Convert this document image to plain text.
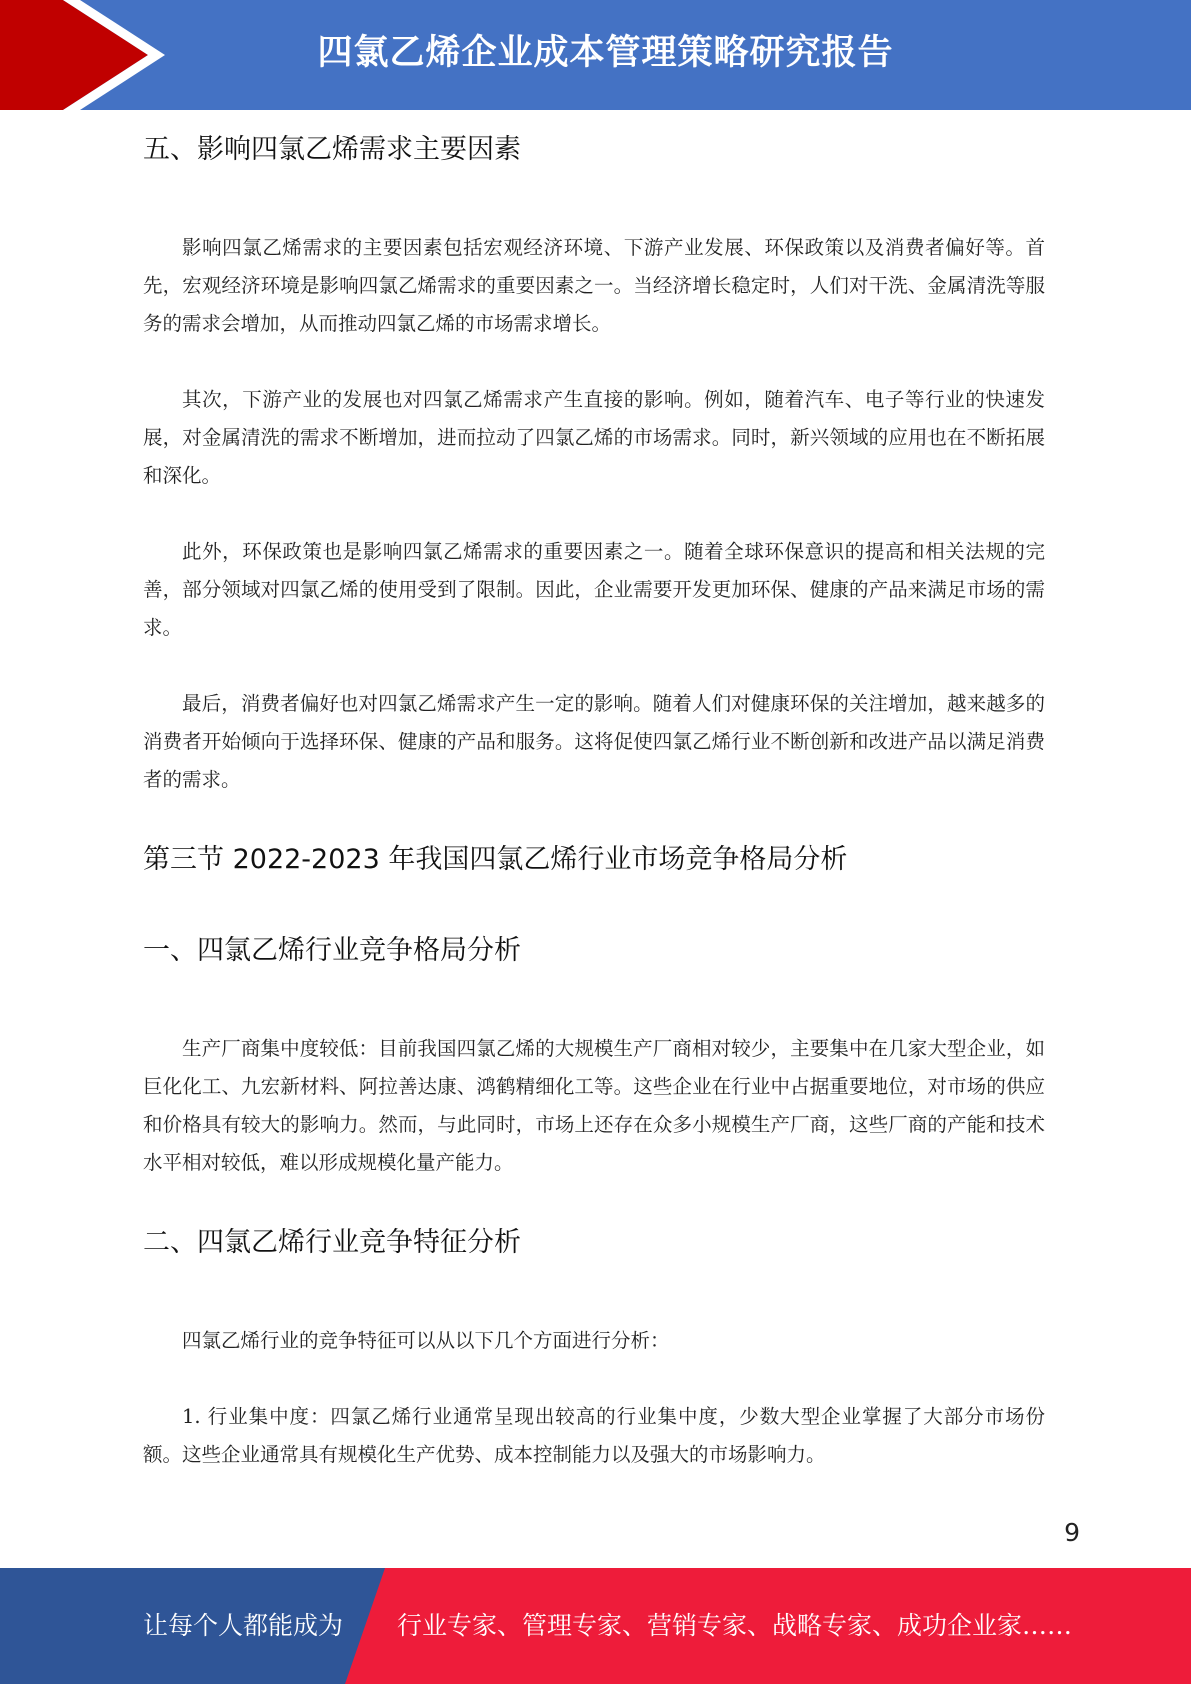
四氯乙烯企业成本管理策略研究报告
五、影响四氯乙烯需求主要因素

影响四氯乙烯需求的主要因素包括宏观经济环境、下游产业发展、环保政策以及消费者偏好等。首先，宏观经济环境是影响四氯乙烯需求的重要因素之一。当经济增长稳定时，人们对干洗、金属清洗等服务的需求会增加，从而推动四氯乙烯的市场需求增长。

其次，下游产业的发展也对四氯乙烯需求产生直接的影响。例如，随着汽车、电子等行业的快速发展，对金属清洗的需求不断增加，进而拉动了四氯乙烯的市场需求。同时，新兴领域的应用也在不断拓展和深化。

此外，环保政策也是影响四氯乙烯需求的重要因素之一。随着全球环保意识的提高和相关法规的完善，部分领域对四氯乙烯的使用受到了限制。因此，企业需要开发更加环保、健康的产品来满足市场的需求。

最后，消费者偏好也对四氯乙烯需求产生一定的影响。随着人们对健康环保的关注增加，越来越多的消费者开始倾向于选择环保、健康的产品和服务。这将促使四氯乙烯行业不断创新和改进产品以满足消费者的需求。

第三节 2022-2023 年我国四氯乙烯行业市场竞争格局分析
一、四氯乙烯行业竞争格局分析

生产厂商集中度较低：目前我国四氯乙烯的大规模生产厂商相对较少，主要集中在几家大型企业，如巨化化工、九宏新材料、阿拉善达康、鸿鹤精细化工等。这些企业在行业中占据重要地位，对市场的供应和价格具有较大的影响力。然而，与此同时，市场上还存在众多小规模生产厂商，这些厂商的产能和技术水平相对较低，难以形成规模化量产能力。

二、四氯乙烯行业竞争特征分析

四氯乙烯行业的竞争特征可以从以下几个方面进行分析：

1. 行业集中度：四氯乙烯行业通常呈现出较高的行业集中度，少数大型企业掌握了大部分市场份额。这些企业通常具有规模化生产优势、成本控制能力以及强大的市场影响力。

9
让每个人都能成为 行业专家、管理专家、营销专家、战略专家、成功企业家……
